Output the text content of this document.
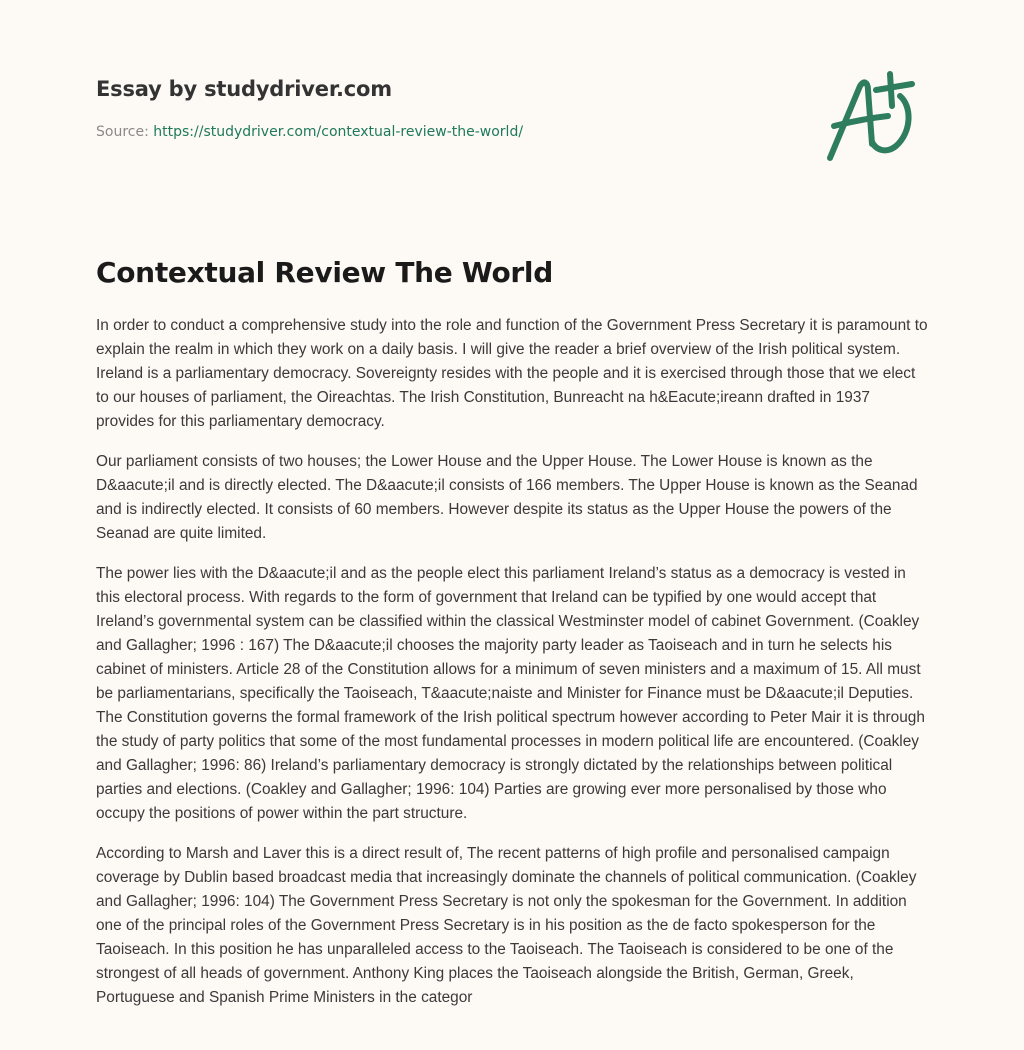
Essay by studydriver.com
Source: https://studydriver.com/contextual-review-the-world/
Contextual Review The World

In order to conduct a comprehensive study into the role and function of the Government Press Secretary it is paramount to explain the realm in which they work on a daily basis. I will give the reader a brief overview of the Irish political system. Ireland is a parliamentary democracy. Sovereignty resides with the people and it is exercised through those that we elect to our houses of parliament, the Oireachtas. The Irish Constitution, Bunreacht na h&Eacute;ireann drafted in 1937 provides for this parliamentary democracy.

Our parliament consists of two houses; the Lower House and the Upper House. The Lower House is known as the D&aacute;il and is directly elected. The D&aacute;il consists of 166 members. The Upper House is known as the Seanad and is indirectly elected. It consists of 60 members. However despite its status as the Upper House the powers of the Seanad are quite limited.

The power lies with the D&aacute;il and as the people elect this parliament Ireland’s status as a democracy is vested in this electoral process. With regards to the form of government that Ireland can be typified by one would accept that Ireland’s governmental system can be classified within the classical Westminster model of cabinet Government. (Coakley and Gallagher; 1996 : 167) The D&aacute;il chooses the majority party leader as Taoiseach and in turn he selects his cabinet of ministers. Article 28 of the Constitution allows for a minimum of seven ministers and a maximum of 15. All must be parliamentarians, specifically the Taoiseach, T&aacute;naiste and Minister for Finance must be D&aacute;il Deputies. The Constitution governs the formal framework of the Irish political spectrum however according to Peter Mair it is through the study of party politics that some of the most fundamental processes in modern political life are encountered. (Coakley and Gallagher; 1996: 86) Ireland’s parliamentary democracy is strongly dictated by the relationships between political parties and elections. (Coakley and Gallagher; 1996: 104) Parties are growing ever more personalised by those who occupy the positions of power within the part structure.

According to Marsh and Laver this is a direct result of, The recent patterns of high profile and personalised campaign coverage by Dublin based broadcast media that increasingly dominate the channels of political communication. (Coakley and Gallagher; 1996: 104) The Government Press Secretary is not only the spokesman for the Government. In addition one of the principal roles of the Government Press Secretary is in his position as the de facto spokesperson for the Taoiseach. In this position he has unparalleled access to the Taoiseach. The Taoiseach is considered to be one of the strongest of all heads of government. Anthony King places the Taoiseach alongside the British, German, Greek, Portuguese and Spanish Prime Ministers in the categor
